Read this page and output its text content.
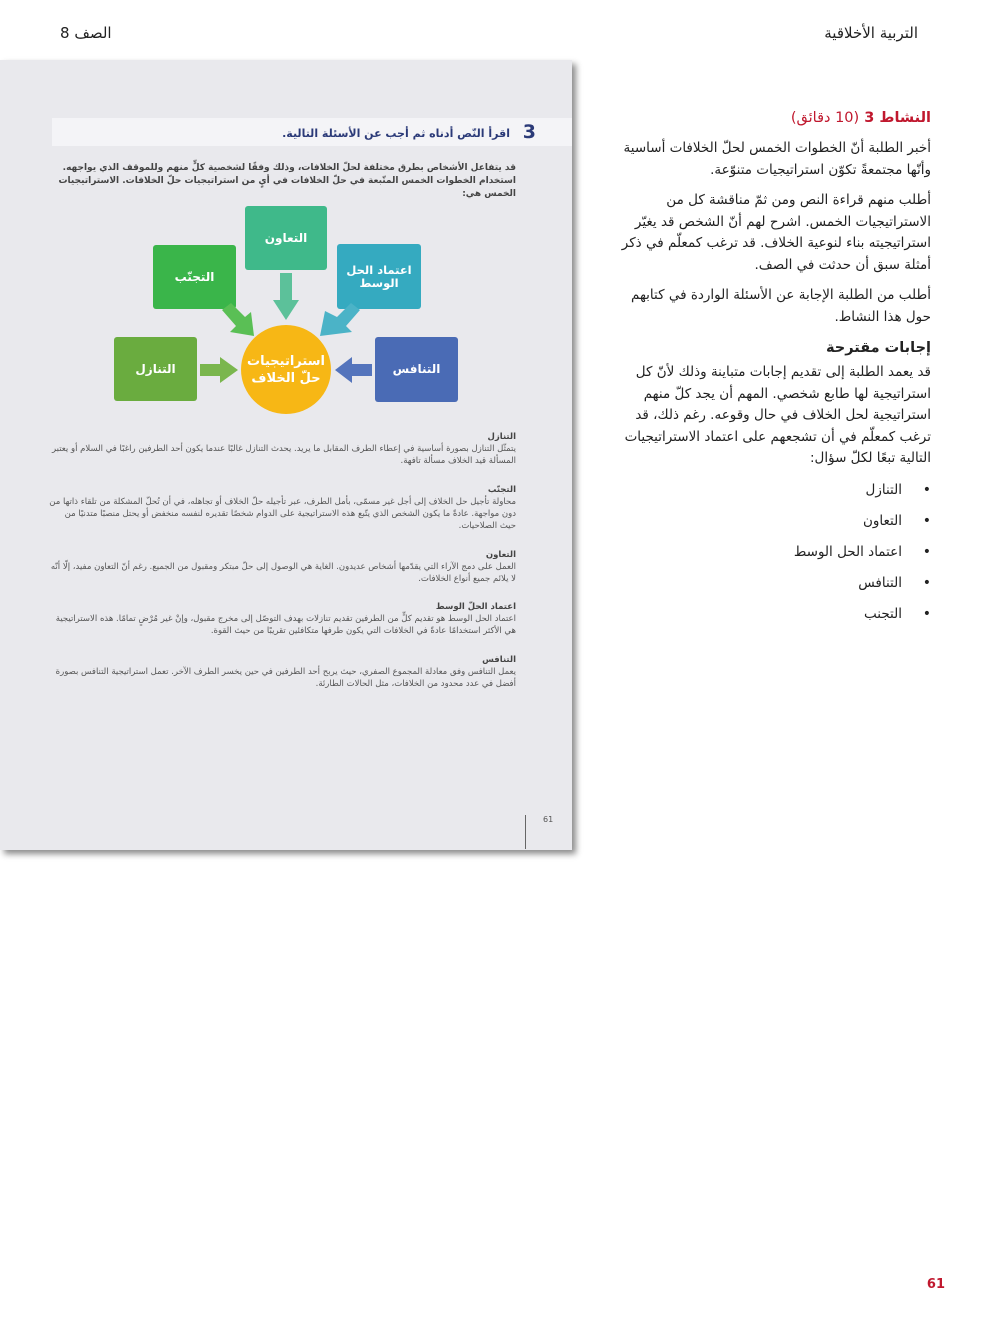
التربية الأخلاقية
الصف 8
3
اقرأ النّص أدناه ثم أجب عن الأسئلة التالية.
قد يتفاعل الأشخاص بطرق مختلفة لحلّ الخلافات، وذلك وفقًا لشخصية كلٍّ منهم وللموقف الذي يواجهه. استخدام الخطوات الخمس المتّبعة في حلّ الخلافات في أيٍ من استراتيجيات حلّ الخلافات. الاستراتيجيات الخمس هي:
التعاون
التجنّب	اعتماد الحل الوسط
التنازل	التنافس
استراتيجيات حلّ الخلاف
التنازل
يتمثّل التنازل بصورة أساسية في إعطاء الطرف المقابل ما يريد. يحدث التنازل غالبًا عندما يكون أحد الطرفين راغبًا في السلام أو يعتبر المسألة قيد الخلاف مسألة تافهة.
التجنّب
محاولة تأجيل حل الخلاف إلى أجل غير مسمّى، بأمل الطرف، عبر تأجيله حلّ الخلاف أو تجاهله، في أن تُحلّ المشكلة من تلقاء ذاتها من دون مواجهة. عادةً ما يكون الشخص الذي يتّبع هذه الاستراتيجية على الدوام شخصًا تقديره لنفسه منخفض أو يحتل منصبًا متدنيًا من حيث الصلاحيات.
التعاون
العمل على دمج الآراء التي يقدّمها أشخاص عديدون. الغاية هي الوصول إلى حلّ مبتكر ومقبول من الجميع. رغم أنّ التعاون مفيد، إلّا أنّه لا يلائم جميع أنواع الخلافات.
اعتماد الحلّ الوسط
اعتماد الحل الوسط هو تقديم كلٍّ من الطرفين تقديم تنازلات بهدف التوصّل إلى مخرج مقبول، وإنْ غير مُرْضٍ تمامًا. هذه الاستراتيجية هي الأكثر استخدامًا عادةً في الخلافات التي يكون طرفها متكافئين تقريبًا من حيث القوة.
التنافس
يعمل التنافس وفق معادلة المجموع الصفري، حيث يربح أحد الطرفين في حين يخسر الطرف الآخر. تعمل استراتيجية التنافس بصورة أفضل في عدد محدود من الخلافات، مثل الحالات الطارئة.
61
النشاط 3 (10 دقائق)

أخبر الطلبة أنّ الخطوات الخمس لحلّ الخلافات أساسية وأنّها مجتمعةً تكوّن استراتيجيات متنوّعة.

أطلب منهم قراءة النص ومن ثمّ مناقشة كل من الاستراتيجيات الخمس. اشرح لهم أنّ الشخص قد يغيّر استراتيجيته بناء لنوعية الخلاف. قد ترغب كمعلّم في ذكر أمثلة سبق أن حدثت في الصف.

أطلب من الطلبة الإجابة عن الأسئلة الواردة في كتابهم حول هذا النشاط.

إجابات مقترحة

قد يعمد الطلبة إلى تقديم إجابات متباينة وذلك لأنّ كل استراتيجية لها طابع شخصي. المهم أن يجد كلّ منهم استراتيجية لحل الخلاف في حال وقوعه. رغم ذلك، قد ترغب كمعلّم في أن تشجعهم على اعتماد الاستراتيجيات التالية تبعًا لكلّ سؤال:

•
التنازل
•
التعاون
•
اعتماد الحل الوسط
•
التنافس
•
التجنب
61
